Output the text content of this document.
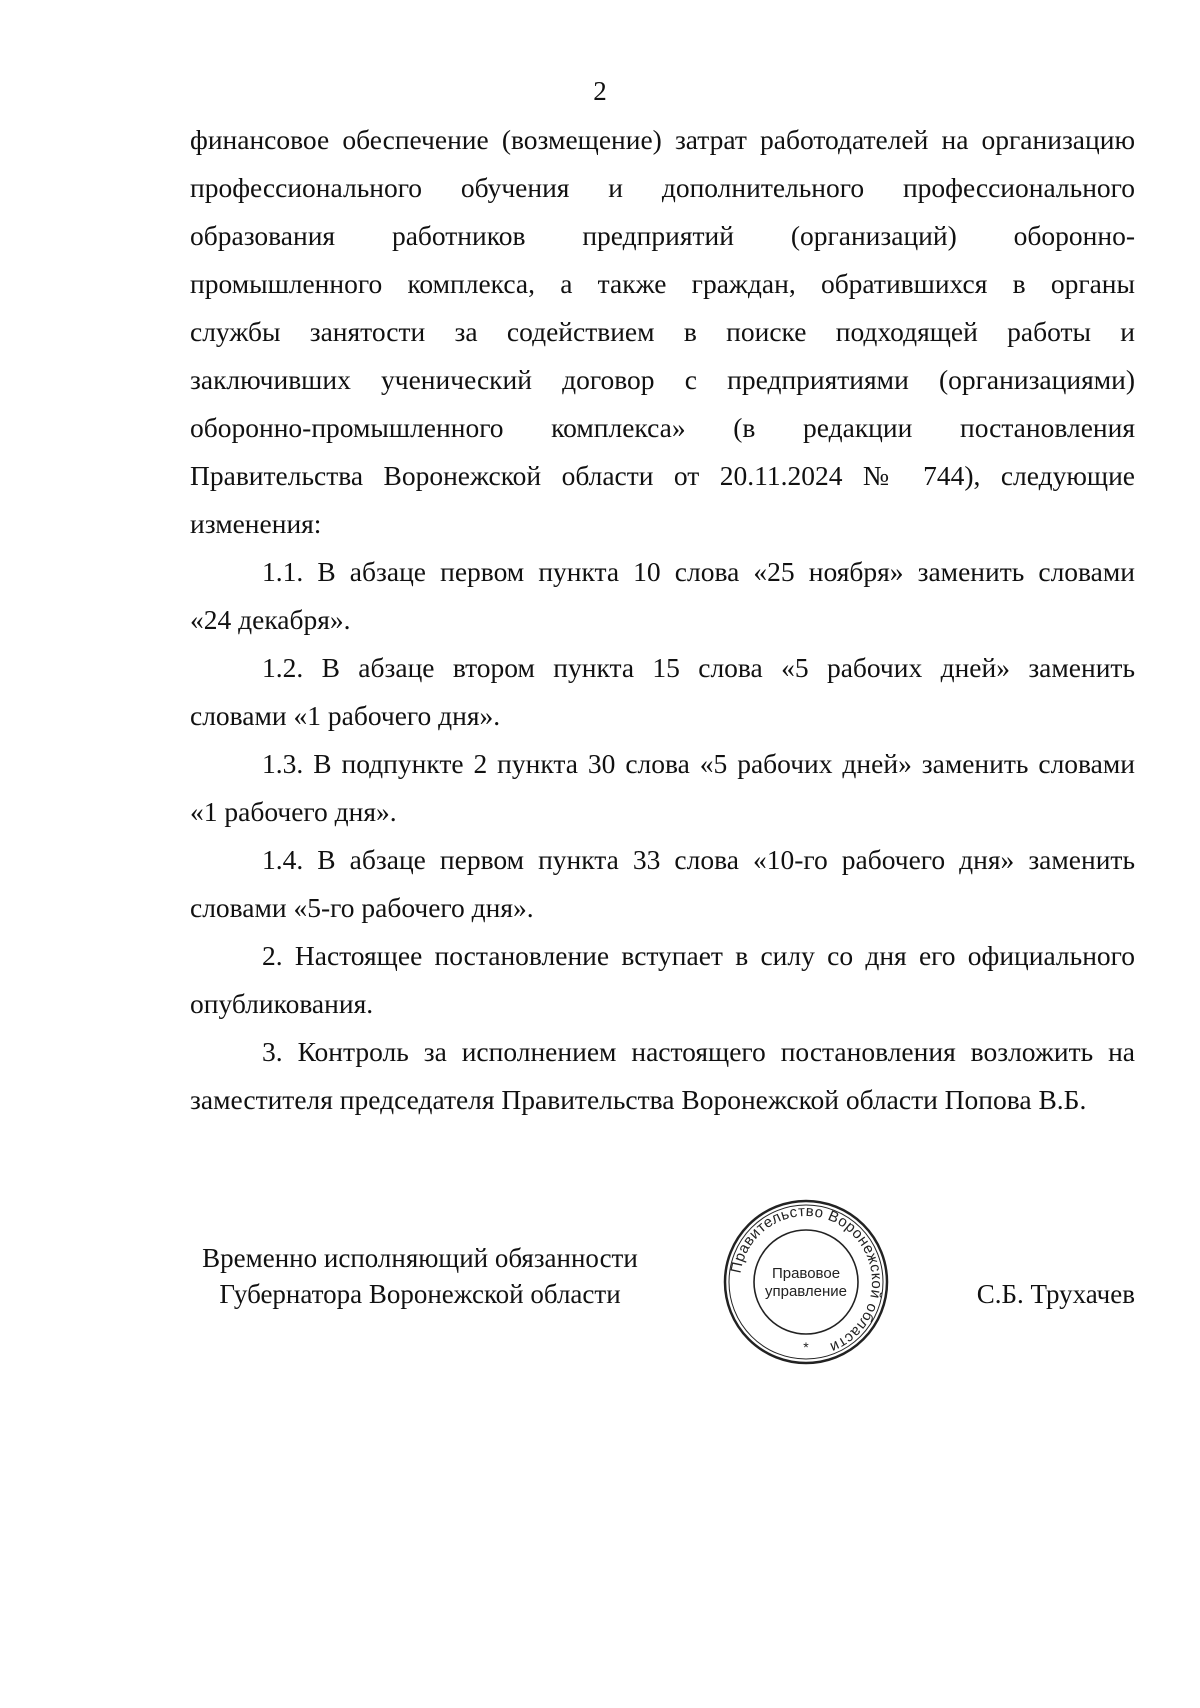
2
финансовое обеспечение (возмещение) затрат работодателей на организацию
профессионального обучения и дополнительного профессионального
образования работников предприятий (организаций) оборонно-
промышленного комплекса, а также граждан, обратившихся в органы
службы занятости за содействием в поиске подходящей работы и
заключивших ученический договор с предприятиями (организациями)
оборонно-промышленного комплекса» (в редакции постановления
Правительства Воронежской области от 20.11.2024 № 744), следующие
изменения:
1.1. В абзаце первом пункта 10 слова «25 ноября» заменить словами
«24 декабря».
1.2. В абзаце втором пункта 15 слова «5 рабочих дней» заменить
словами «1 рабочего дня».
1.3. В подпункте 2 пункта 30 слова «5 рабочих дней» заменить словами
«1 рабочего дня».
1.4. В абзаце первом пункта 33 слова «10-го рабочего дня» заменить
словами «5-го рабочего дня».
2. Настоящее постановление вступает в силу со дня его официального
опубликования.
3. Контроль за исполнением настоящего постановления возложить на
заместителя председателя Правительства Воронежской области Попова В.Б.
Временно исполняющий обязанности
Губернатора Воронежской области
Правительство Воронежской области
Правовое
управление
*
С.Б. Трухачев
